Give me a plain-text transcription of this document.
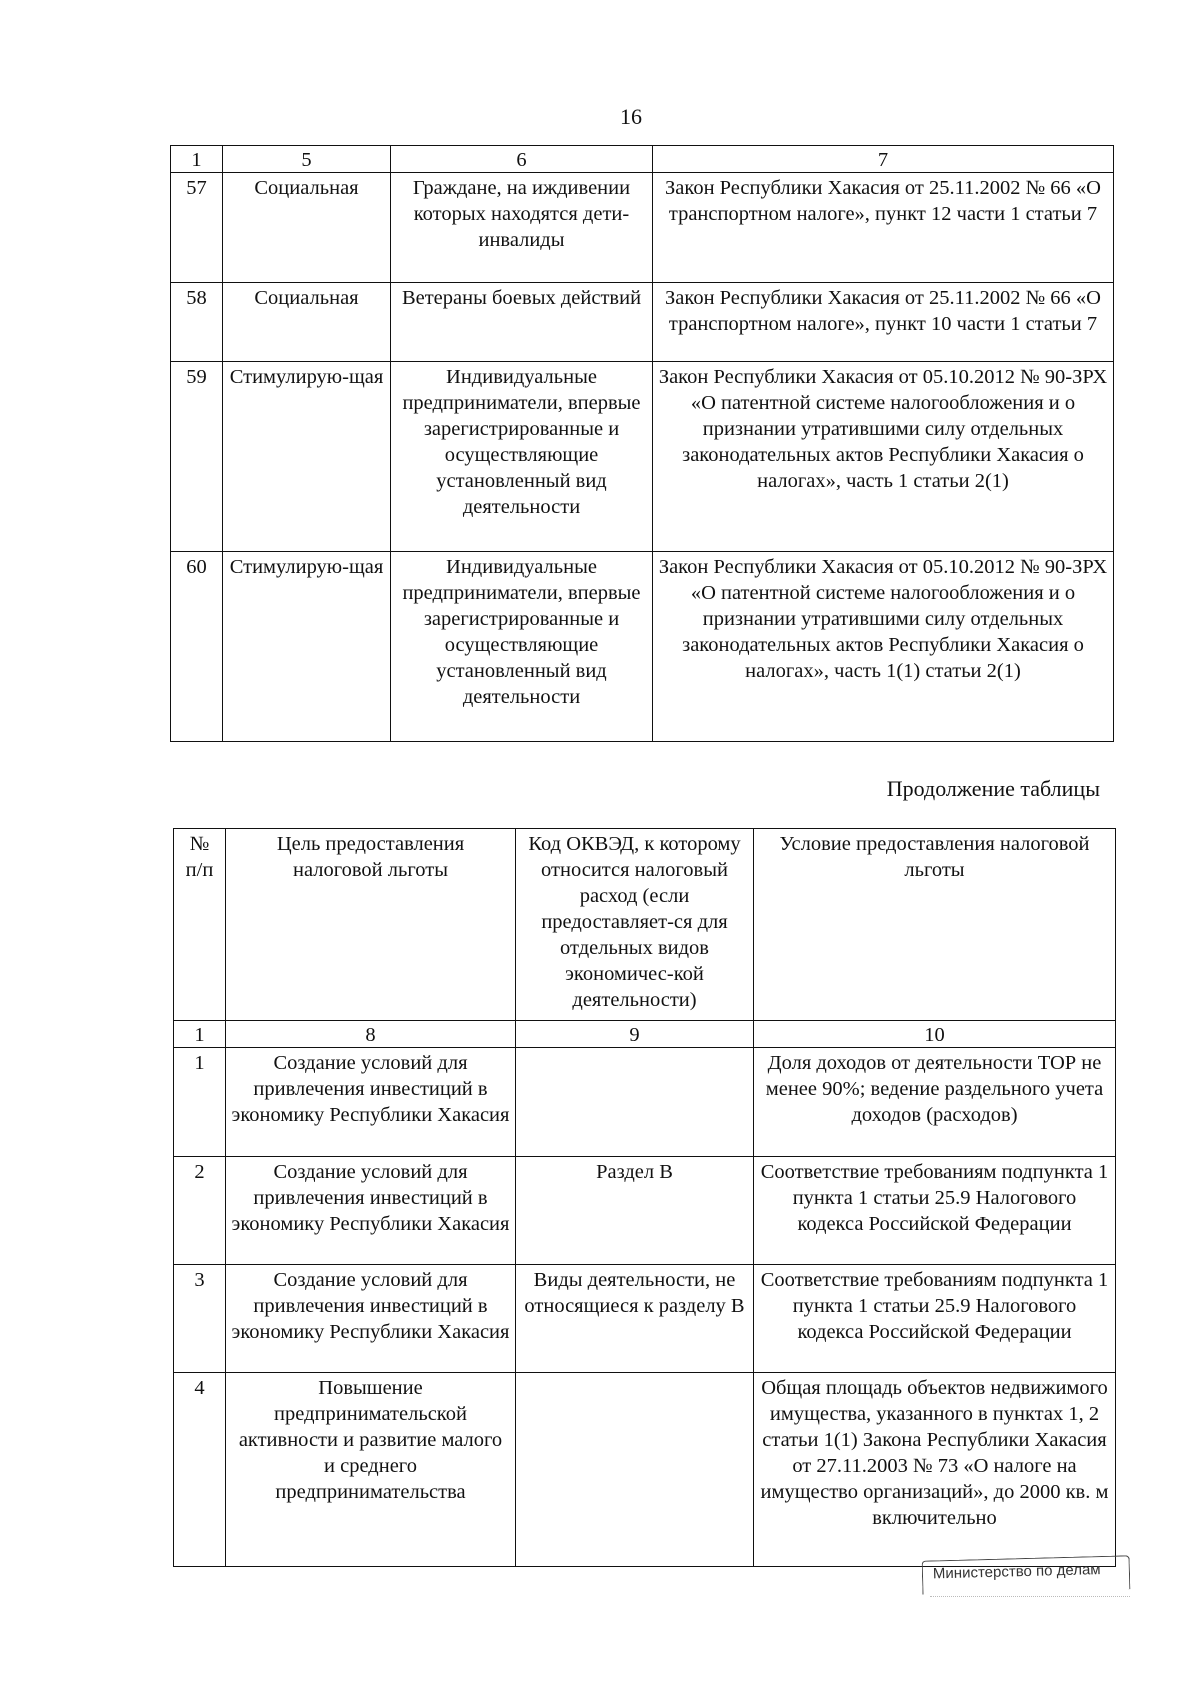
16
1	5	6	7
57	Социальная	Граждане, на иждивении которых находятся дети-инвалиды	Закон Республики Хакасия от 25.11.2002 № 66 «О транспортном налоге», пункт 12 части 1 статьи 7
58	Социальная	Ветераны боевых действий	Закон Республики Хакасия от 25.11.2002 № 66 «О транспортном налоге», пункт 10 части 1 статьи 7
59	Стимулирую-щая	Индивидуальные предприниматели, впервые зарегистрированные и осуществляющие установленный вид деятельности	Закон Республики Хакасия от 05.10.2012 № 90-ЗРХ «О патентной системе налогообложения и о признании утратившими силу отдельных законодательных актов Республики Хакасия о налогах», часть 1 статьи 2(1)
60	Стимулирую-щая	Индивидуальные предприниматели, впервые зарегистрированные и осуществляющие установленный вид деятельности	Закон Республики Хакасия от 05.10.2012 № 90-ЗРХ «О патентной системе налогообложения и о признании утратившими силу отдельных законодательных актов Республики Хакасия о налогах», часть 1(1) статьи 2(1)
Продолжение таблицы
№ п/п	Цель предоставления налоговой льготы	Код ОКВЭД, к которому относится налоговый расход (если предоставляет-ся для отдельных видов экономичес-кой деятельности)	Условие предоставления налоговой льготы
1	8	9	10
1	Создание условий для привлечения инвестиций в экономику Республики Хакасия		Доля доходов от деятельности ТОР не менее 90%; ведение раздельного учета доходов (расходов)
2	Создание условий для привлечения инвестиций в экономику Республики Хакасия	Раздел В	Соответствие требованиям подпункта 1 пункта 1 статьи 25.9 Налогового кодекса Российской Федерации
3	Создание условий для привлечения инвестиций в экономику Республики Хакасия	Виды деятельности, не относящиеся к разделу В	Соответствие требованиям подпункта 1 пункта 1 статьи 25.9 Налогового кодекса Российской Федерации
4	Повышение предпринимательской активности и развитие малого и среднего предпринимательства		Общая площадь объектов недвижимого имущества, указанного в пунктах 1, 2 статьи 1(1) Закона Республики Хакасия от 27.11.2003 № 73 «О налоге на имущество организаций», до 2000 кв. м включительно
Министерство по делам
